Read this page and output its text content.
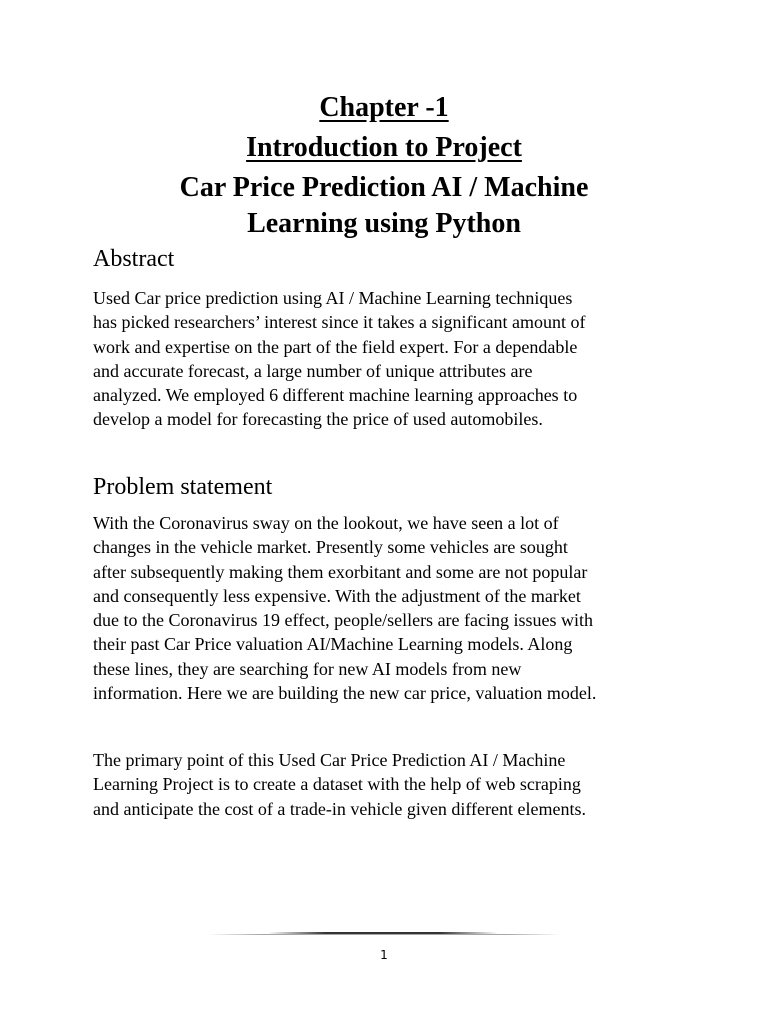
Chapter -1
Introduction to Project
Car Price Prediction AI / Machine
Learning using Python
Abstract

Used Car price prediction using AI / Machine Learning techniques
has picked researchers’ interest since it takes a significant amount of
work and expertise on the part of the field expert. For a dependable
and accurate forecast, a large number of unique attributes are
analyzed. We employed 6 different machine learning approaches to
develop a model for forecasting the price of used automobiles.

Problem statement

With the Coronavirus sway on the lookout, we have seen a lot of
changes in the vehicle market. Presently some vehicles are sought
after subsequently making them exorbitant and some are not popular
and consequently less expensive. With the adjustment of the market
due to the Coronavirus 19 effect, people/sellers are facing issues with
their past Car Price valuation AI/Machine Learning models. Along
these lines, they are searching for new AI models from new
information. Here we are building the new car price, valuation model.

The primary point of this Used Car Price Prediction AI / Machine
Learning Project is to create a dataset with the help of web scraping
and anticipate the cost of a trade-in vehicle given different elements.

1
